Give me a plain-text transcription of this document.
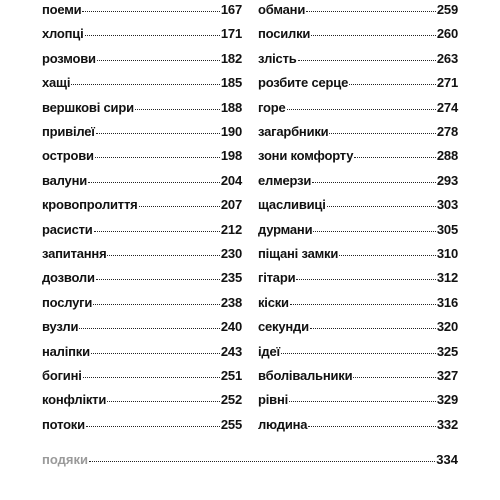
поеми	167
хлопці	171
розмови	182
хащі	185
вершкові сири	188
привілеї	190
острови	198
валуни	204
кровопролиття	207
расисти	212
запитання	230
дозволи	235
послуги	238
вузли	240
наліпки	243
богині	251
конфлікти	252
потоки	255
обмани	259
посилки	260
злість	263
розбите серце	271
горе	274
загарбники	278
зони комфорту	288
елмерзи	293
щасливиці	303
дурмани	305
піщані замки	310
гітари	312
кіски	316
секунди	320
ідеї	325
вболівальники	327
рівні	329
людина	332
подяки	334
